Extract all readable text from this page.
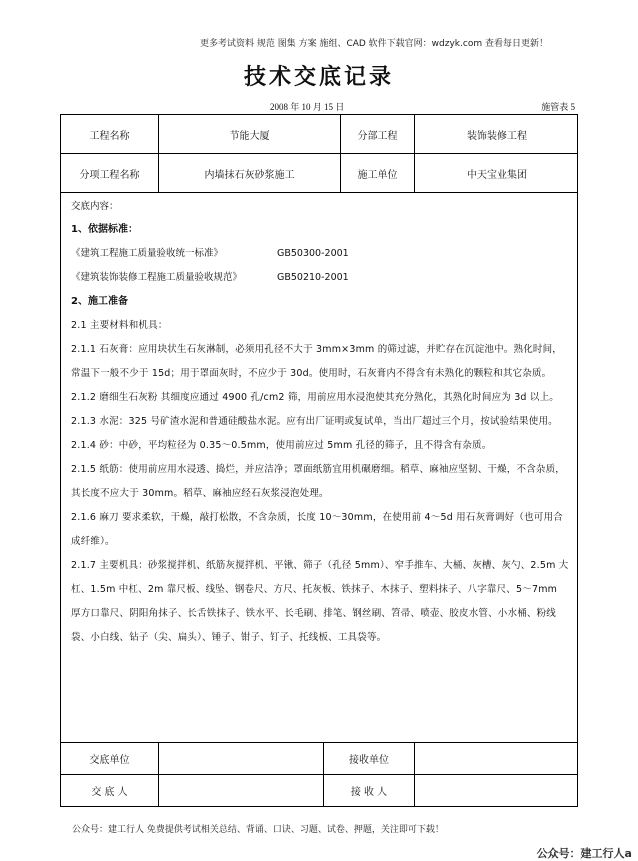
更多考试资料 规范 图集 方案 施组、CAD 软件下载官网：wdzyk.com 查看每日更新！
技术交底记录
2008 年 10 月 15 日	施管表 5
工程名称	节能大厦	分部工程	装饰装修工程
分项工程名称	内墙抹石灰砂浆施工	施工单位	中天宝业集团

交底内容：

1、依据标准：

《建筑工程施工质量验收统一标准》	GB50300-2001

《建筑装饰装修工程施工质量验收规范》	GB50210-2001

2、施工准备

2.1 主要材料和机具：

2.1.1 石灰膏：应用块状生石灰淋制，必须用孔径不大于 3mm×3mm 的筛过滤，并贮存在沉淀池中。熟化时间，常温下一般不少于 15d；用于罩面灰时，不应少于 30d。使用时，石灰膏内不得含有未熟化的颗粒和其它杂质。

2.1.2 磨细生石灰粉 其细度应通过 4900 孔/cm2 筛，用前应用水浸泡使其充分熟化，其熟化时间应为 3d 以上。

2.1.3 水泥：325 号矿渣水泥和普通硅酸盐水泥。应有出厂证明或复试单，当出厂超过三个月，按试验结果使用。

2.1.4 砂：中砂，平均粒径为 0.35～0.5mm，使用前应过 5mm 孔径的筛子，且不得含有杂质。

2.1.5 纸筋：使用前应用水浸透、捣烂，并应洁净；罩面纸筋宜用机碾磨细。稻草、麻袖应坚韧、干燥，不含杂质，其长度不应大于 30mm。稻草、麻袖应经石灰浆浸泡处理。

2.1.6 麻刀 要求柔软，干燥，敲打松散，不含杂质，长度 10～30mm，在使用前 4～5d 用石灰膏调好（也可用合成纤维）。

2.1.7 主要机具：砂浆搅拌机、纸筋灰搅拌机、平锹、筛子（孔径 5mm）、窄手推车、大桶、灰槽、灰勺、2.5m 大杠、1.5m 中杠、2m 靠尺板、线坠、钢卷尺、方尺、托灰板、铁抹子、木抹子、塑料抹子、八字靠尺、5～7mm 厚方口靠尺、阴阳角抹子、长舌铁抹子、铁水平、长毛刷、排笔、钢丝刷、笤帚、喷壶、胶皮水管、小水桶、粉线袋、小白线、钻子（尖、扁头）、锤子、钳子、钉子、托线板、工具袋等。

交底单位	接收单位
交 底 人	接 收 人
公众号：建工行人 免费提供考试相关总结、背诵、口诀、习题、试卷、押题，关注即可下载！
公众号：建工行人a
